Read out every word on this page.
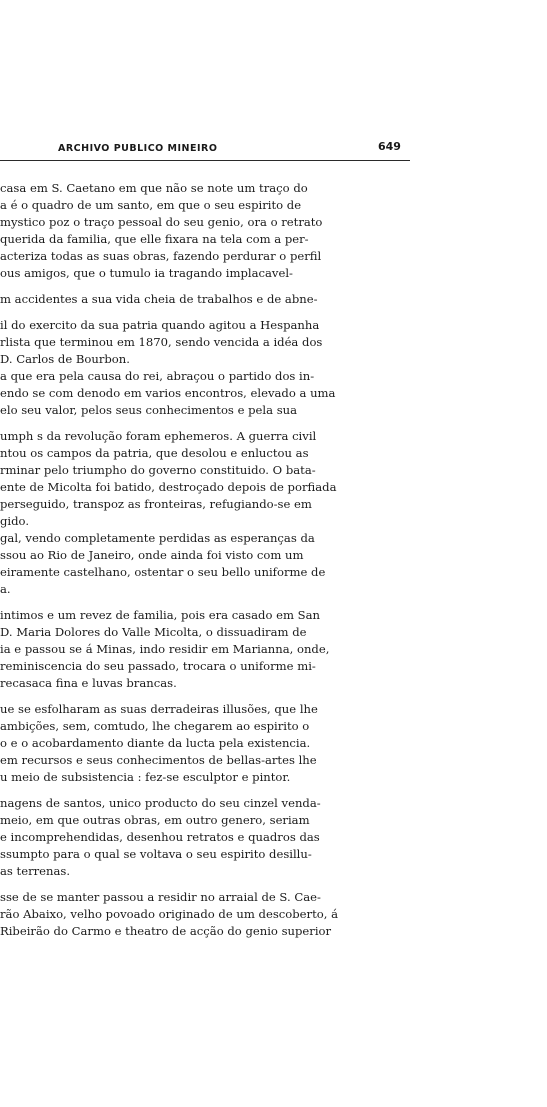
ARCHIVO PUBLICO MINEIRO	649
casa em S. Caetano em que não se note um traço do
a é o quadro de um santo, em que o seu espirito de
mystico poz o traço pessoal do seu genio, ora o retrato
querida da familia, que elle fixara na tela com a per-
acteriza todas as suas obras, fazendo perdurar o perfil
ous amigos, que o tumulo ia tragando implacavel-
m accidentes a sua vida cheia de trabalhos e de abne-
il do exercito da sua patria quando agitou a Hespanha
rlista que terminou em 1870, sendo vencida a idéa dos
D. Carlos de Bourbon.
a que era pela causa do rei, abraçou o partido dos in-
endo se com denodo em varios encontros, elevado a uma
elo seu valor, pelos seus conhecimentos e pela sua
umph s da revolução foram ephemeros. A guerra civil
ntou os campos da patria, que desolou e enluctou as
rminar pelo triumpho do governo constituido. O bata-
ente de Micolta foi batido, destroçado depois de porfiada
perseguido, transpoz as fronteiras, refugiando-se em
gido.
gal, vendo completamente perdidas as esperanças da
ssou ao Rio de Janeiro, onde ainda foi visto com um
eiramente castelhano, ostentar o seu bello uniforme de
a.
intimos e um revez de familia, pois era casado em San
D. Maria Dolores do Valle Micolta, o dissuadiram de
ia e passou se á Minas, indo residir em Marianna, onde,
reminiscencia do seu passado, trocara o uniforme mi-
recasaca fina e luvas brancas.
ue se esfolharam as suas derradeiras illusões, que lhe
ambições, sem, comtudo, lhe chegarem ao espirito o
o e o acobardamento diante da lucta pela existencia.
em recursos e seus conhecimentos de bellas-artes lhe
u meio de subsistencia : fez-se esculptor e pintor.
nagens de santos, unico producto do seu cinzel venda-
meio, em que outras obras, em outro genero, seriam
e incomprehendidas, desenhou retratos e quadros das
ssumpto para o qual se voltava o seu espirito desillu-
as terrenas.
sse de se manter passou a residir no arraial de S. Cae-
rão Abaixo, velho povoado originado de um descoberto, á
Ribeirão do Carmo e theatro de acção do genio superior
